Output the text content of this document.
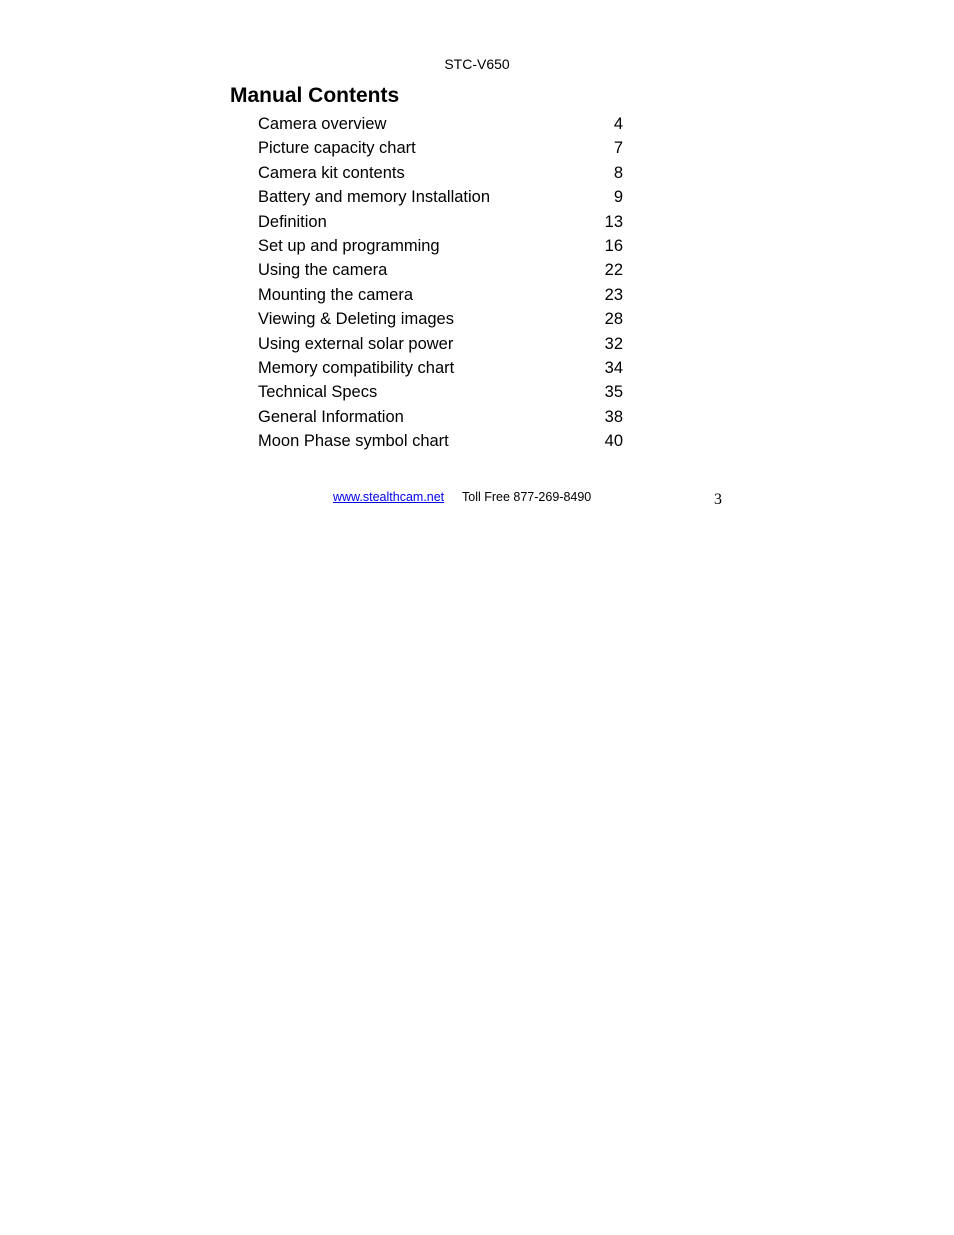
STC-V650
Manual Contents
Camera overview	4
Picture capacity chart	7
Camera kit contents	8
Battery and memory Installation	9
Definition	13
Set up and programming	16
Using the camera	22
Mounting the camera	23
Viewing & Deleting images	28
Using external solar power	32
Memory compatibility chart	34
Technical Specs	35
General Information	38
Moon Phase symbol chart	40
www.stealthcam.net Toll Free 877-269-8490	3
